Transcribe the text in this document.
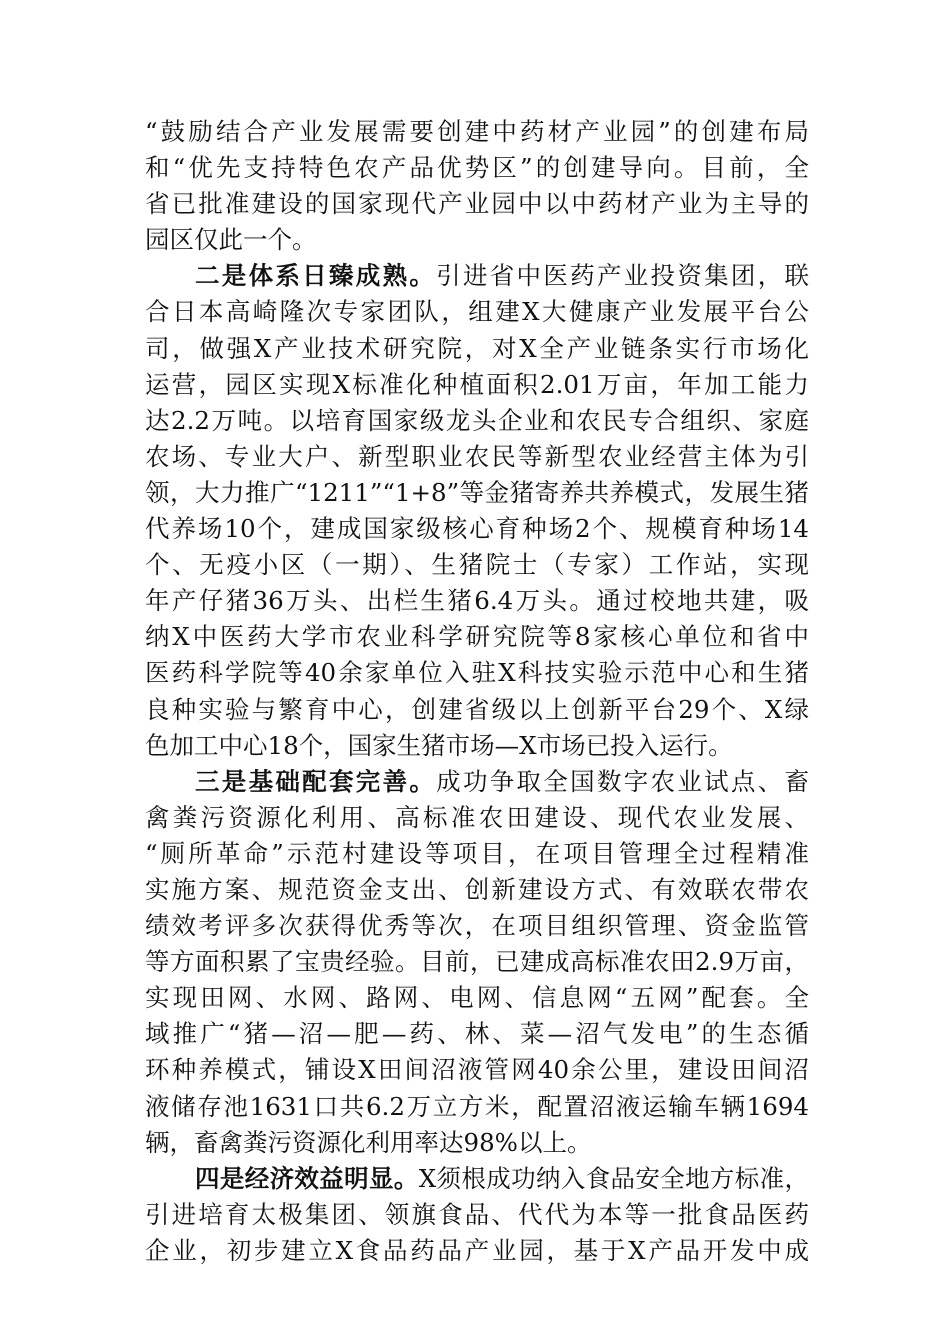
“鼓励结合产业发展需要创建中药材产业园”的创建布局
和“优先支持特色农产品优势区”的创建导向。目前，全
省已批准建设的国家现代产业园中以中药材产业为主导的
园区仅此一个。
二是体系日臻成熟。引进省中医药产业投资集团，联
合日本高崎隆次专家团队，组建X大健康产业发展平台公
司，做强X产业技术研究院，对X全产业链条实行市场化
运营，园区实现X标准化种植面积2.01万亩，年加工能力
达2.2万吨。以培育国家级龙头企业和农民专合组织、家庭
农场、专业大户、新型职业农民等新型农业经营主体为引
领，大力推广“1211”“1+8”等金猪寄养共养模式，发展生猪
代养场10个，建成国家级核心育种场2个、规模育种场14
个、无疫小区（一期）、生猪院士（专家）工作站，实现
年产仔猪36万头、出栏生猪6.4万头。通过校地共建，吸
纳X中医药大学市农业科学研究院等8家核心单位和省中
医药科学院等40余家单位入驻X科技实验示范中心和生猪
良种实验与繁育中心，创建省级以上创新平台29个、X绿
色加工中心18个，国家生猪市场—X市场已投入运行。
三是基础配套完善。成功争取全国数字农业试点、畜
禽粪污资源化利用、高标准农田建设、现代农业发展、
“厕所革命”示范村建设等项目，在项目管理全过程精准
实施方案、规范资金支出、创新建设方式、有效联农带农
绩效考评多次获得优秀等次，在项目组织管理、资金监管
等方面积累了宝贵经验。目前，已建成高标准农田2.9万亩，
实现田网、水网、路网、电网、信息网“五网”配套。全
域推广“猪—沼—肥—药、林、菜—沼气发电”的生态循
环种养模式，铺设X田间沼液管网40余公里，建设田间沼
液储存池1631口共6.2万立方米，配置沼液运输车辆1694
辆，畜禽粪污资源化利用率达98%以上。
四是经济效益明显。X须根成功纳入食品安全地方标准，
引进培育太极集团、领旗食品、代代为本等一批食品医药
企业，初步建立X食品药品产业园，基于X产品开发中成
